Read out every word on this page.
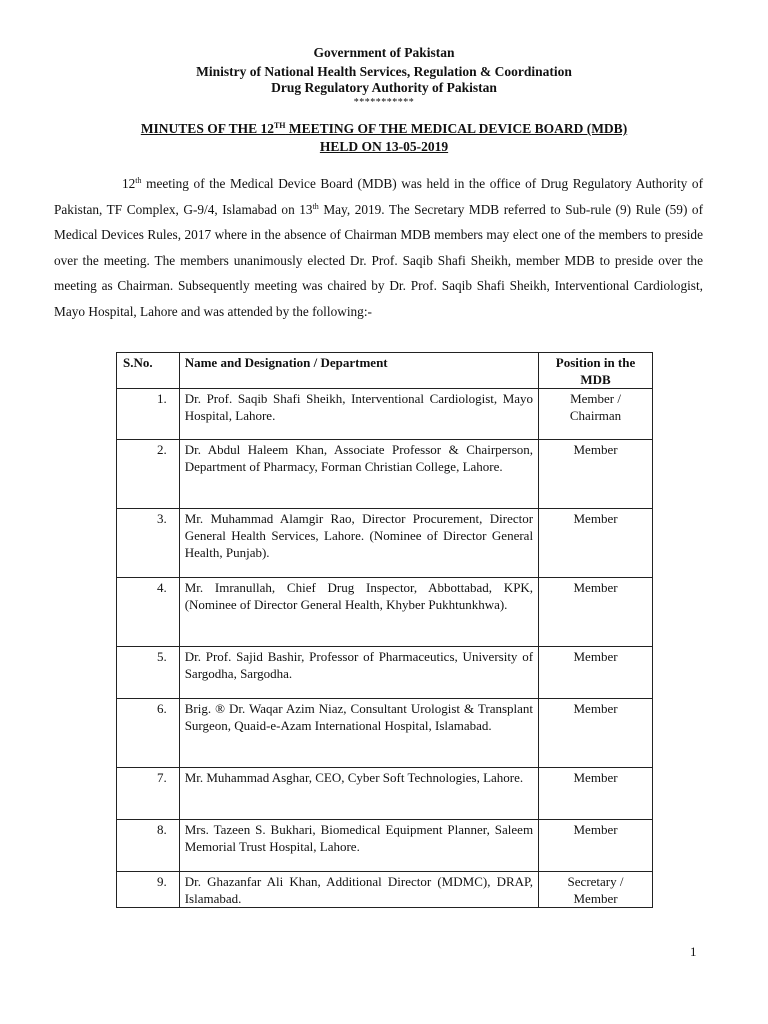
Government of Pakistan
Ministry of National Health Services, Regulation & Coordination
Drug Regulatory Authority of Pakistan
***********
MINUTES OF THE 12TH MEETING OF THE MEDICAL DEVICE BOARD (MDB)
HELD ON 13-05-2019

12th meeting of the Medical Device Board (MDB) was held in the office of Drug Regulatory Authority of Pakistan, TF Complex, G-9/4, Islamabad on 13th May, 2019. The Secretary MDB referred to Sub-rule (9) Rule (59) of Medical Devices Rules, 2017 where in the absence of Chairman MDB members may elect one of the members to preside over the meeting. The members unanimously elected Dr. Prof. Saqib Shafi Sheikh, member MDB to preside over the meeting as Chairman. Subsequently meeting was chaired by Dr. Prof. Saqib Shafi Sheikh, Interventional Cardiologist, Mayo Hospital, Lahore and was attended by the following:-

S.No.	Name and Designation / Department	Position in the MDB
1.	Dr. Prof. Saqib Shafi Sheikh, Interventional Cardiologist, Mayo Hospital, Lahore.	Member / Chairman
2.	Dr. Abdul Haleem Khan, Associate Professor & Chairperson, Department of Pharmacy, Forman Christian College, Lahore.	Member
3.	Mr. Muhammad Alamgir Rao, Director Procurement, Director General Health Services, Lahore. (Nominee of Director General Health, Punjab).	Member
4.	Mr. Imranullah, Chief Drug Inspector, Abbottabad, KPK, (Nominee of Director General Health, Khyber Pukhtunkhwa).	Member
5.	Dr. Prof. Sajid Bashir, Professor of Pharmaceutics, University of Sargodha, Sargodha.	Member
6.	Brig. ® Dr. Waqar Azim Niaz, Consultant Urologist & Transplant Surgeon, Quaid-e-Azam International Hospital, Islamabad.	Member
7.	Mr. Muhammad Asghar, CEO, Cyber Soft Technologies, Lahore.	Member
8.	Mrs. Tazeen S. Bukhari, Biomedical Equipment Planner, Saleem Memorial Trust Hospital, Lahore.	Member
9.	Dr. Ghazanfar Ali Khan, Additional Director (MDMC), DRAP, Islamabad.	Secretary / Member
1
